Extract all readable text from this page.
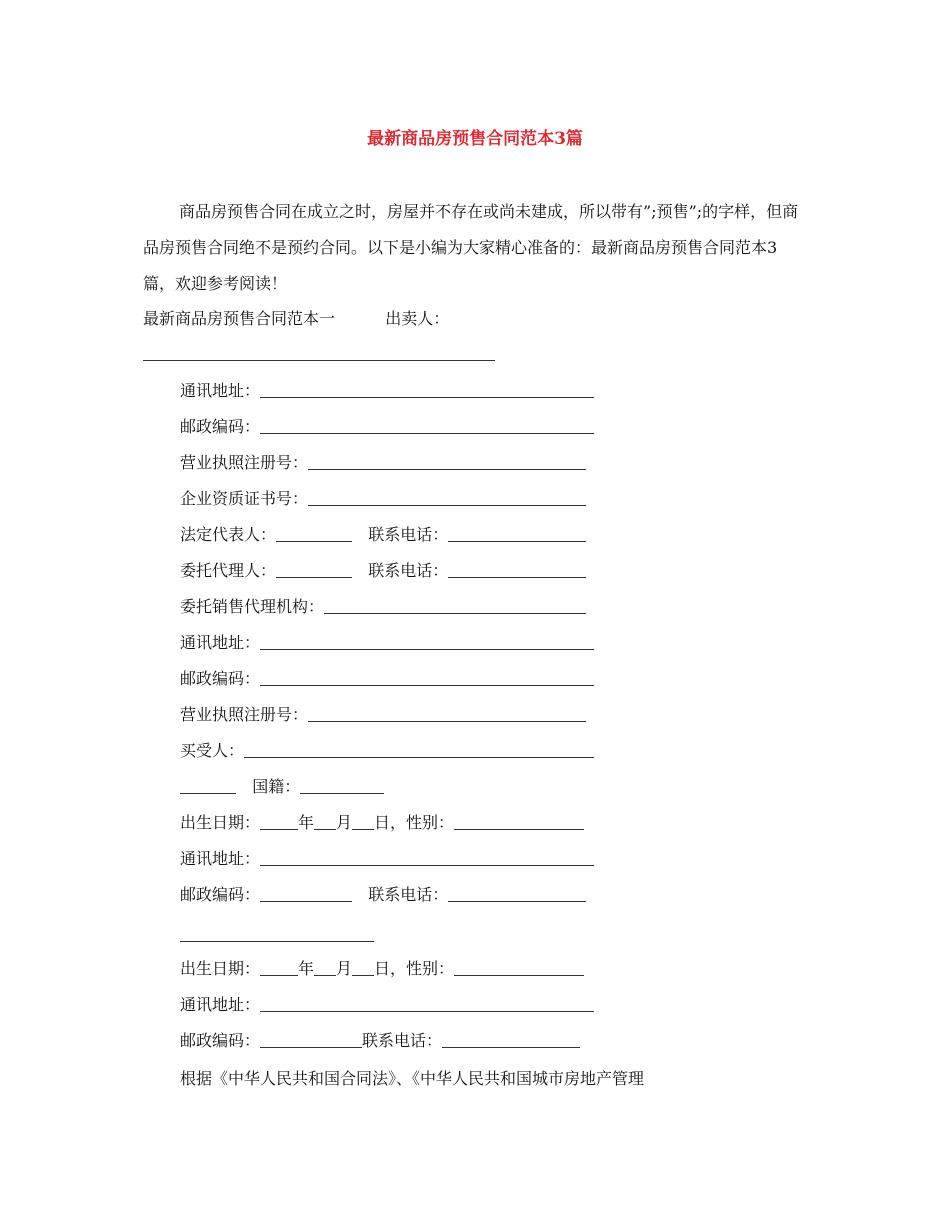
最新商品房预售合同范本3篇

商品房预售合同在成立之时，房屋并不存在或尚未建成，所以带有”;预售”;的字样，但商品房预售合同绝不是预约合同。以下是小编为大家精心准备的：最新商品房预售合同范本3篇，欢迎参考阅读！

最新商品房预售合同范本一	出卖人：
通讯地址：
邮政编码：
营业执照注册号：
企业资质证书号：
法定代表人：	联系电话：
委托代理人：	联系电话：
委托销售代理机构：
通讯地址：
邮政编码：
营业执照注册号：
买受人：
国籍：
出生日期： 年 月 日，性别：
通讯地址：
邮政编码：	联系电话：
出生日期： 年 月 日，性别：
通讯地址：
邮政编码：	联系电话：
根据《中华人民共和国合同法》、《中华人民共和国城市房地产管理
